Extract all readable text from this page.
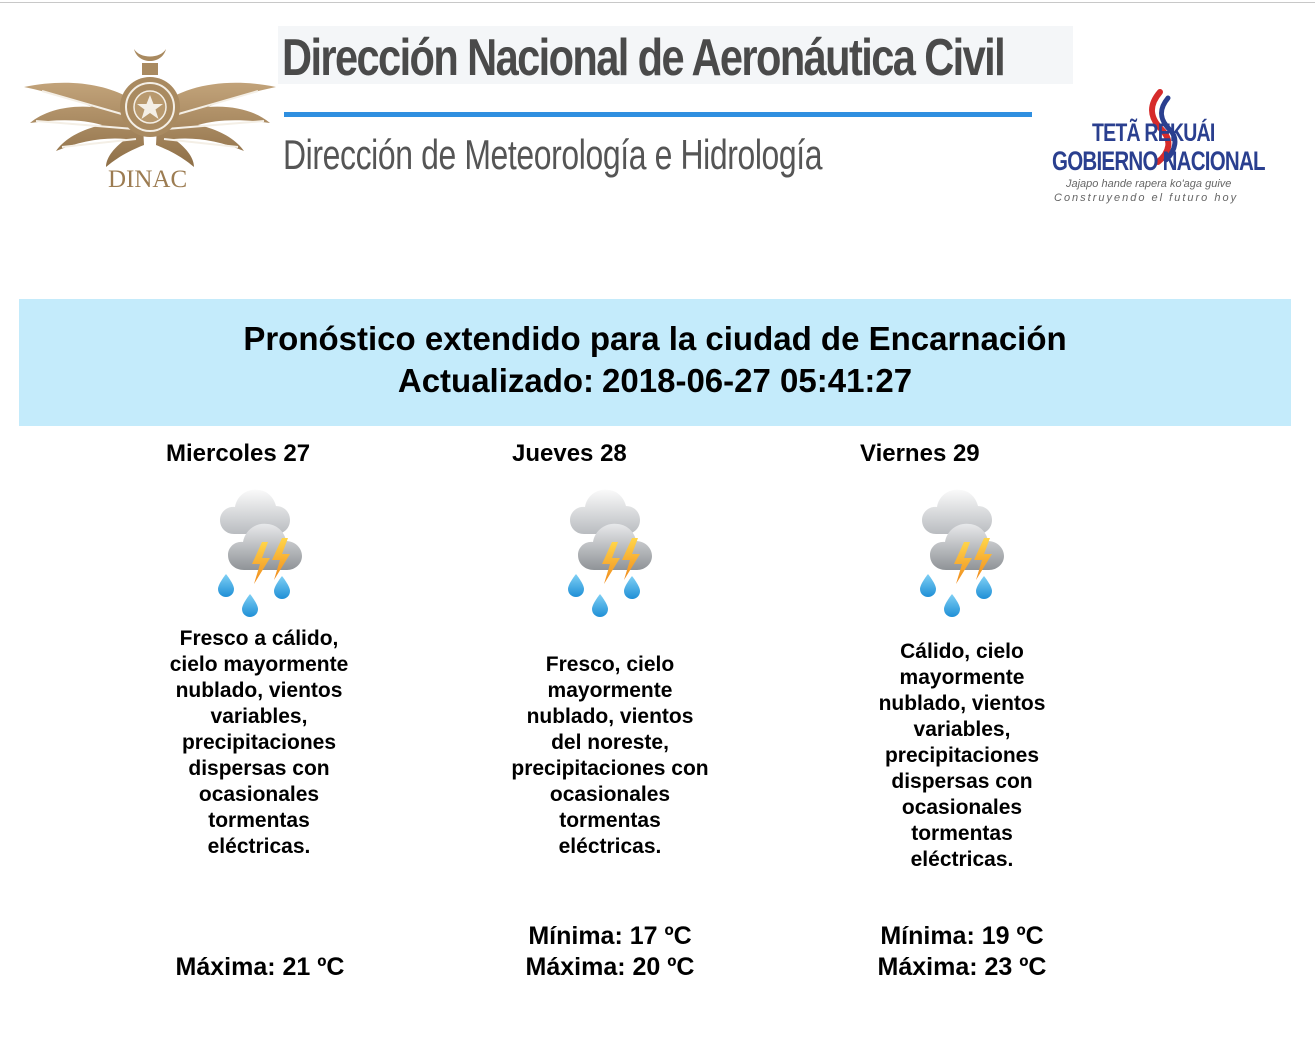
DINAC
Dirección Nacional de Aeronáutica Civil
Dirección de Meteorología e Hidrología	TETÃ REKUÁI
GOBIERNO NACIONAL
Jajapo hande rapera ko'aga guive
Construyendo el futuro hoy
Pronóstico extendido para la ciudad de Encarnación
Actualizado: 2018-06-27 05:41:27
Miercoles 27
Fresco a cálido, cielo mayormente nublado, vientos variables, precipitaciones dispersas con ocasionales tormentas eléctricas.
Máxima: 21 ºC
Jueves 28
Fresco, cielo mayormente nublado, vientos del noreste, precipitaciones con ocasionales tormentas eléctricas.
Mínima: 17 ºC
Máxima: 20 ºC
Viernes 29
Cálido, cielo mayormente nublado, vientos variables, precipitaciones dispersas con ocasionales tormentas eléctricas.
Mínima: 19 ºC
Máxima: 23 ºC
